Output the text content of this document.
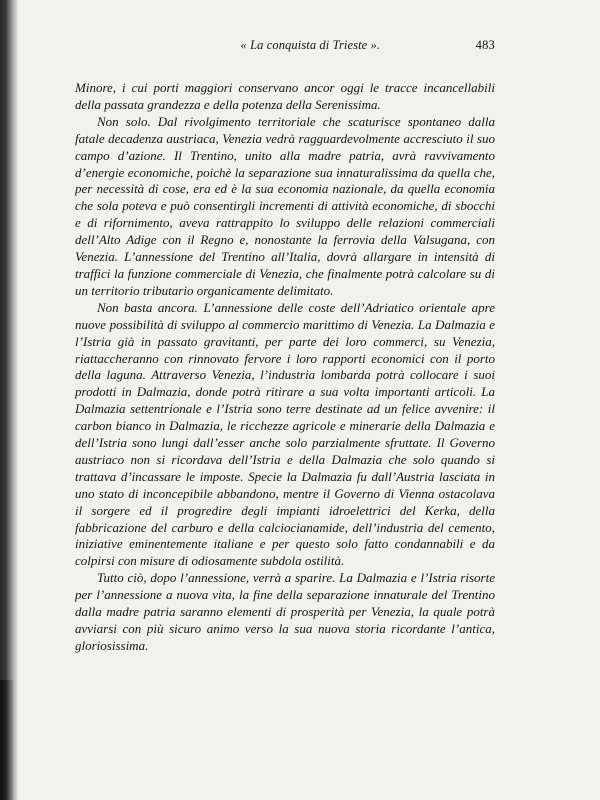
« La conquista di Trieste ».	483

Minore, i cui porti maggiori conservano ancor oggi le tracce incancellabili della passata grandezza e della potenza della Serenissima.

Non solo. Dal rivolgimento territoriale che scaturisce spontaneo dalla fatale decadenza austriaca, Venezia vedrà ragguardevolmente accresciuto il suo campo d’azione. Il Trentino, unito alla madre patria, avrà ravvivamento d’energie economiche, poichè la separazione sua innaturalissima da quella che, per necessità di cose, era ed è la sua economia nazionale, da quella economia che sola poteva e può consentirgli incrementi di attività economiche, di sbocchi e di rifornimento, aveva rattrappito lo sviluppo delle relazioni commerciali dell’Alto Adige con il Regno e, nonostante la ferrovia della Valsugana, con Venezia. L’annessione del Trentino all’Italia, dovrà allargare in intensità di traffici la funzione commerciale di Venezia, che finalmente potrà calcolare su di un territorio tributario organicamente delimitato.

Non basta ancora. L’annessione delle coste dell’Adriatico orientale apre nuove possibilità di sviluppo al commercio marittimo di Venezia. La Dalmazia e l’Istria già in passato gravitanti, per parte dei loro commerci, su Venezia, riattaccheranno con rinnovato fervore i loro rapporti economici con il porto della laguna. Attraverso Venezia, l’industria lombarda potrà collocare i suoi prodotti in Dalmazia, donde potrà ritirare a sua volta importanti articoli. La Dalmazia settentrionale e l’Istria sono terre destinate ad un felice avvenire: il carbon bianco in Dalmazia, le ricchezze agricole e minerarie della Dalmazia e dell’Istria sono lungi dall’esser anche solo parzialmente sfruttate. Il Governo austriaco non si ricordava dell’Istria e della Dalmazia che solo quando si trattava d’incassare le imposte. Specie la Dalmazia fu dall’Austria lasciata in uno stato di inconcepibile abbandono, mentre il Governo di Vienna ostacolava il sorgere ed il progredire degli impianti idroelettrici del Kerka, della fabbricazione del carburo e della calciocianamide, dell’industria del cemento, iniziative eminentemente italiane e per questo solo fatto condannabili e da colpirsi con misure di odiosamente subdola ostilità.

Tutto ciò, dopo l’annessione, verrà a sparire. La Dalmazia e l’Istria risorte per l’annessione a nuova vita, la fine della separazione innaturale del Trentino dalla madre patria saranno elementi di prosperità per Venezia, la quale potrà avviarsi con più sicuro animo verso la sua nuova storia ricordante l’antica, gloriosissima.
